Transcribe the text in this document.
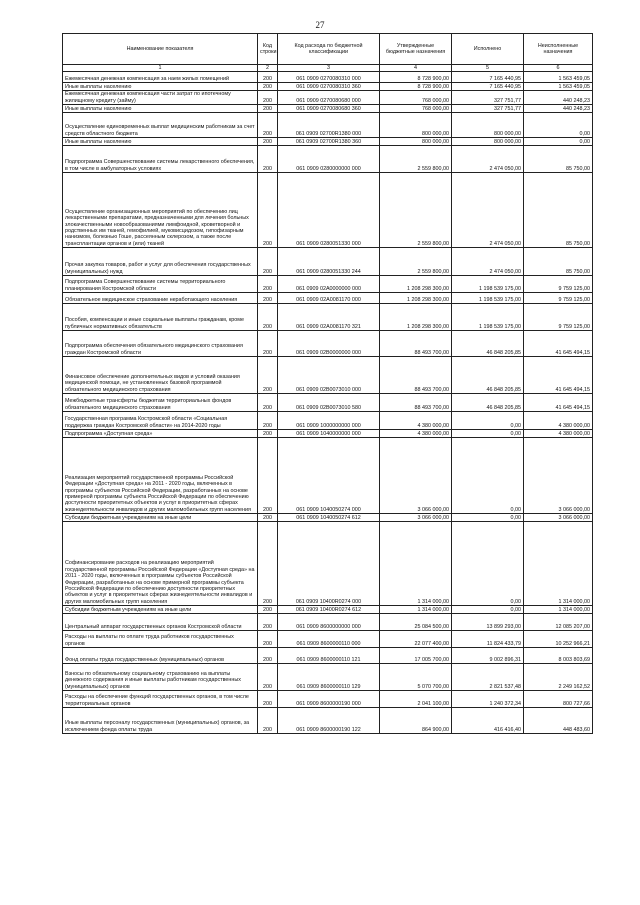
27
Наименование показателя	Код строки	Код расхода по бюджетной классификации	Утвержденные бюджетные назначения	Исполнено	Неисполненные назначения
1	2	3	4	5	6
Ежемесячная денежная компенсация за наем жилых помещений	200	061 0909 0270080310 000	8 728 900,00	7 165 440,95	1 563 459,05
Иные выплаты населению	200	061 0909 0270080310 360	8 728 900,00	7 165 440,95	1 563 459,05
Ежемесячная денежная компенсация части затрат по ипотечному жилищному кредиту (займу)	200	061 0909 0270080680 000	768 000,00	327 751,77	440 248,23
Иные выплаты населению	200	061 0909 0270080680 360	768 000,00	327 751,77	440 248,23
Осуществление единовременных выплат медицинским работникам за счет средств областного бюджета	200	061 0909 02700R1380 000	800 000,00	800 000,00	0,00
Иные выплаты населению	200	061 0909 02700R1380 360	800 000,00	800 000,00	0,00
Подпрограмма Совершенствование системы лекарственного обеспечения, в том числе в амбулаторных условиях	200	061 0909 0280000000 000	2 559 800,00	2 474 050,00	85 750,00
Осуществление организационных мероприятий по обеспечению лиц лекарственными препаратами, предназначенными для лечения больных злокачественными новообразованиями лимфоидной, кроветворной и родственных им тканей, гемофилией, муковисцидозом, гипофизарным нанизмом, болезнью Гоше, рассеянным склерозом, а также после трансплантации органов и (или) тканей	200	061 0909 0280051330 000	2 559 800,00	2 474 050,00	85 750,00
Прочая закупка товаров, работ и услуг для обеспечения государственных (муниципальных) нужд	200	061 0909 0280051330 244	2 559 800,00	2 474 050,00	85 750,00
Подпрограмма Совершенствование системы территориального планирования Костромской области	200	061 0909 02A0000000 000	1 208 298 300,00	1 198 539 175,00	9 759 125,00
Обязательное медицинское страхование неработающего населения	200	061 0909 02A0081170 000	1 208 298 300,00	1 198 539 175,00	9 759 125,00
Пособия, компенсации и иные социальные выплаты гражданам, кроме публичных нормативных обязательств	200	061 0909 02A0081170 321	1 208 298 300,00	1 198 539 175,00	9 759 125,00
Подпрограмма обеспечения обязательного медицинского страхования граждан Костромской области	200	061 0909 02B0000000 000	88 493 700,00	46 848 205,85	41 645 494,15
Финансовое обеспечение дополнительных видов и условий оказания медицинской помощи, не установленных базовой программой обязательного медицинского страхования	200	061 0909 02B0073010 000	88 493 700,00	46 848 205,85	41 645 494,15
Межбюджетные трансферты бюджетам территориальных фондов обязательного медицинского страхования	200	061 0909 02B0073010 580	88 493 700,00	46 848 205,85	41 645 494,15
Государственная программа Костромской области «Социальная поддержка граждан Костромской области» на 2014-2020 годы	200	061 0909 1000000000 000	4 380 000,00	0,00	4 380 000,00
Подпрограмма «Доступная среда»	200	061 0909 1040000000 000	4 380 000,00	0,00	4 380 000,00
Реализация мероприятий государственной программы Российской Федерации «Доступная среда» на 2011 - 2020 годы, включенных в программы субъектов Российской Федерации, разработанных на основе примерной программы субъекта Российской Федерации по обеспечению доступности приоритетных объектов и услуг в приоритетных сферах жизнедеятельности инвалидов и других маломобильных групп населения	200	061 0909 1040050274 000	3 066 000,00	0,00	3 066 000,00
Субсидии бюджетным учреждениям на иные цели	200	061 0909 1040050274 612	3 066 000,00	0,00	3 066 000,00
Софинансирование расходов на реализацию мероприятий государственной программы Российской Федерации «Доступная среда» на 2011 - 2020 годы, включенных в программы субъектов Российской Федерации, разработанных на основе примерной программы субъекта Российской Федерации по обеспечению доступности приоритетных объектов и услуг в приоритетных сферах жизнедеятельности инвалидов и других маломобильных групп населения	200	061 0909 10400R0274 000	1 314 000,00	0,00	1 314 000,00
Субсидии бюджетным учреждениям на иные цели	200	061 0909 10400R0274 612	1 314 000,00	0,00	1 314 000,00
Центральный аппарат государственных органов Костромской области	200	061 0909 8600000000 000	25 084 500,00	13 899 293,00	12 085 207,00
Расходы на выплаты по оплате труда работников государственных органов	200	061 0909 8600000110 000	22 077 400,00	11 824 433,79	10 252 966,21
Фонд оплаты труда государственных (муниципальных) органов	200	061 0909 8600000110 121	17 005 700,00	9 002 896,31	8 003 803,69
Взносы по обязательному социальному страхованию на выплаты денежного содержания и иные выплаты работникам государственных (муниципальных) органов	200	061 0909 8600000110 129	5 070 700,00	2 821 537,48	2 249 162,52
Расходы на обеспечение функций государственных органов, в том числе территориальных органов	200	061 0909 8600000190 000	2 041 100,00	1 240 372,34	800 727,66
Иные выплаты персоналу государственных (муниципальных) органов, за исключением фонда оплаты труда	200	061 0909 8600000190 122	864 900,00	416 416,40	448 483,60
